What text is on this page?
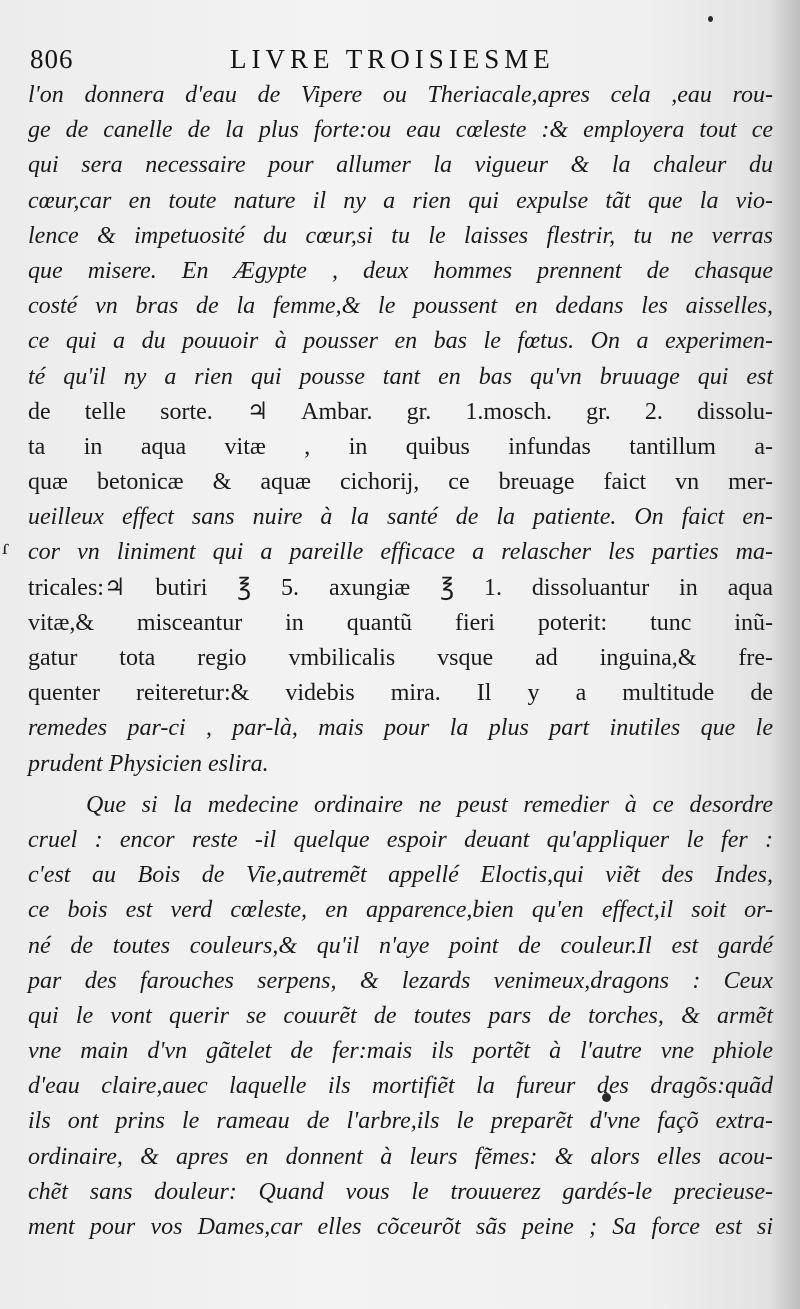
806	LIVRE TROISIESME
ɾ
l'on donnera d'eau de Vipere ou Theriacale,apres cela ,eau rou-
ge de canelle de la plus forte:ou eau cœleste :& employera tout ce
qui sera necessaire pour allumer la vigueur & la chaleur du
cœur,car en toute nature il ny a rien qui expulse tãt que la vio-
lence & impetuosité du cœur,si tu le laisses flestrir, tu ne verras
que misere. En Ægypte , deux hommes prennent de chasque
costé vn bras de la femme,& le poussent en dedans les aisselles,
ce qui a du pouuoir à pousser en bas le fœtus. On a experimen-
té qu'il ny a rien qui pousse tant en bas qu'vn bruuage qui est
de telle sorte. ♃ Ambar. gr. 1.mosch. gr. 2. dissolu-
ta in aqua vitæ , in quibus infundas tantillum a-
quæ betonicæ & aquæ cichorij, ce breuage faict vn mer-
ueilleux effect sans nuire à la santé de la patiente. On faict en-
cor vn liniment qui a pareille efficace a relascher les parties ma-
tricales:♃ butiri ℥ 5. axungiæ ℥ 1. dissoluantur in aqua
vitæ,& misceantur in quantũ fieri poterit: tunc inũ-
gatur tota regio vmbilicalis vsque ad inguina,& fre-
quenter reiteretur:& videbis mira. Il y a multitude de
remedes par-ci , par-là, mais pour la plus part inutiles que le
prudent Physicien eslira.
Que si la medecine ordinaire ne peust remedier à ce desordre
cruel : encor reste -il quelque espoir deuant qu'appliquer le fer :
c'est au Bois de Vie,autremẽt appellé Eloctis,qui viẽt des Indes,
ce bois est verd cœleste, en apparence,bien qu'en effect,il soit or-
né de toutes couleurs,& qu'il n'aye point de couleur.Il est gardé
par des farouches serpens, & lezards venimeux,dragons : Ceux
qui le vont querir se couurẽt de toutes pars de torches, & armẽt
vne main d'vn gãtelet de fer:mais ils portẽt à l'autre vne phiole
d'eau claire,auec laquelle ils mortifiẽt la fureur des dragõs:quãd
ils ont prins le rameau de l'arbre,ils le preparẽt d'vne façõ extra-
ordinaire, & apres en donnent à leurs fẽmes: & alors elles acou-
chẽt sans douleur: Quand vous le trouuerez gardés-le precieuse-
ment pour vos Dames,car elles cõceurõt sãs peine ; Sa force est si
